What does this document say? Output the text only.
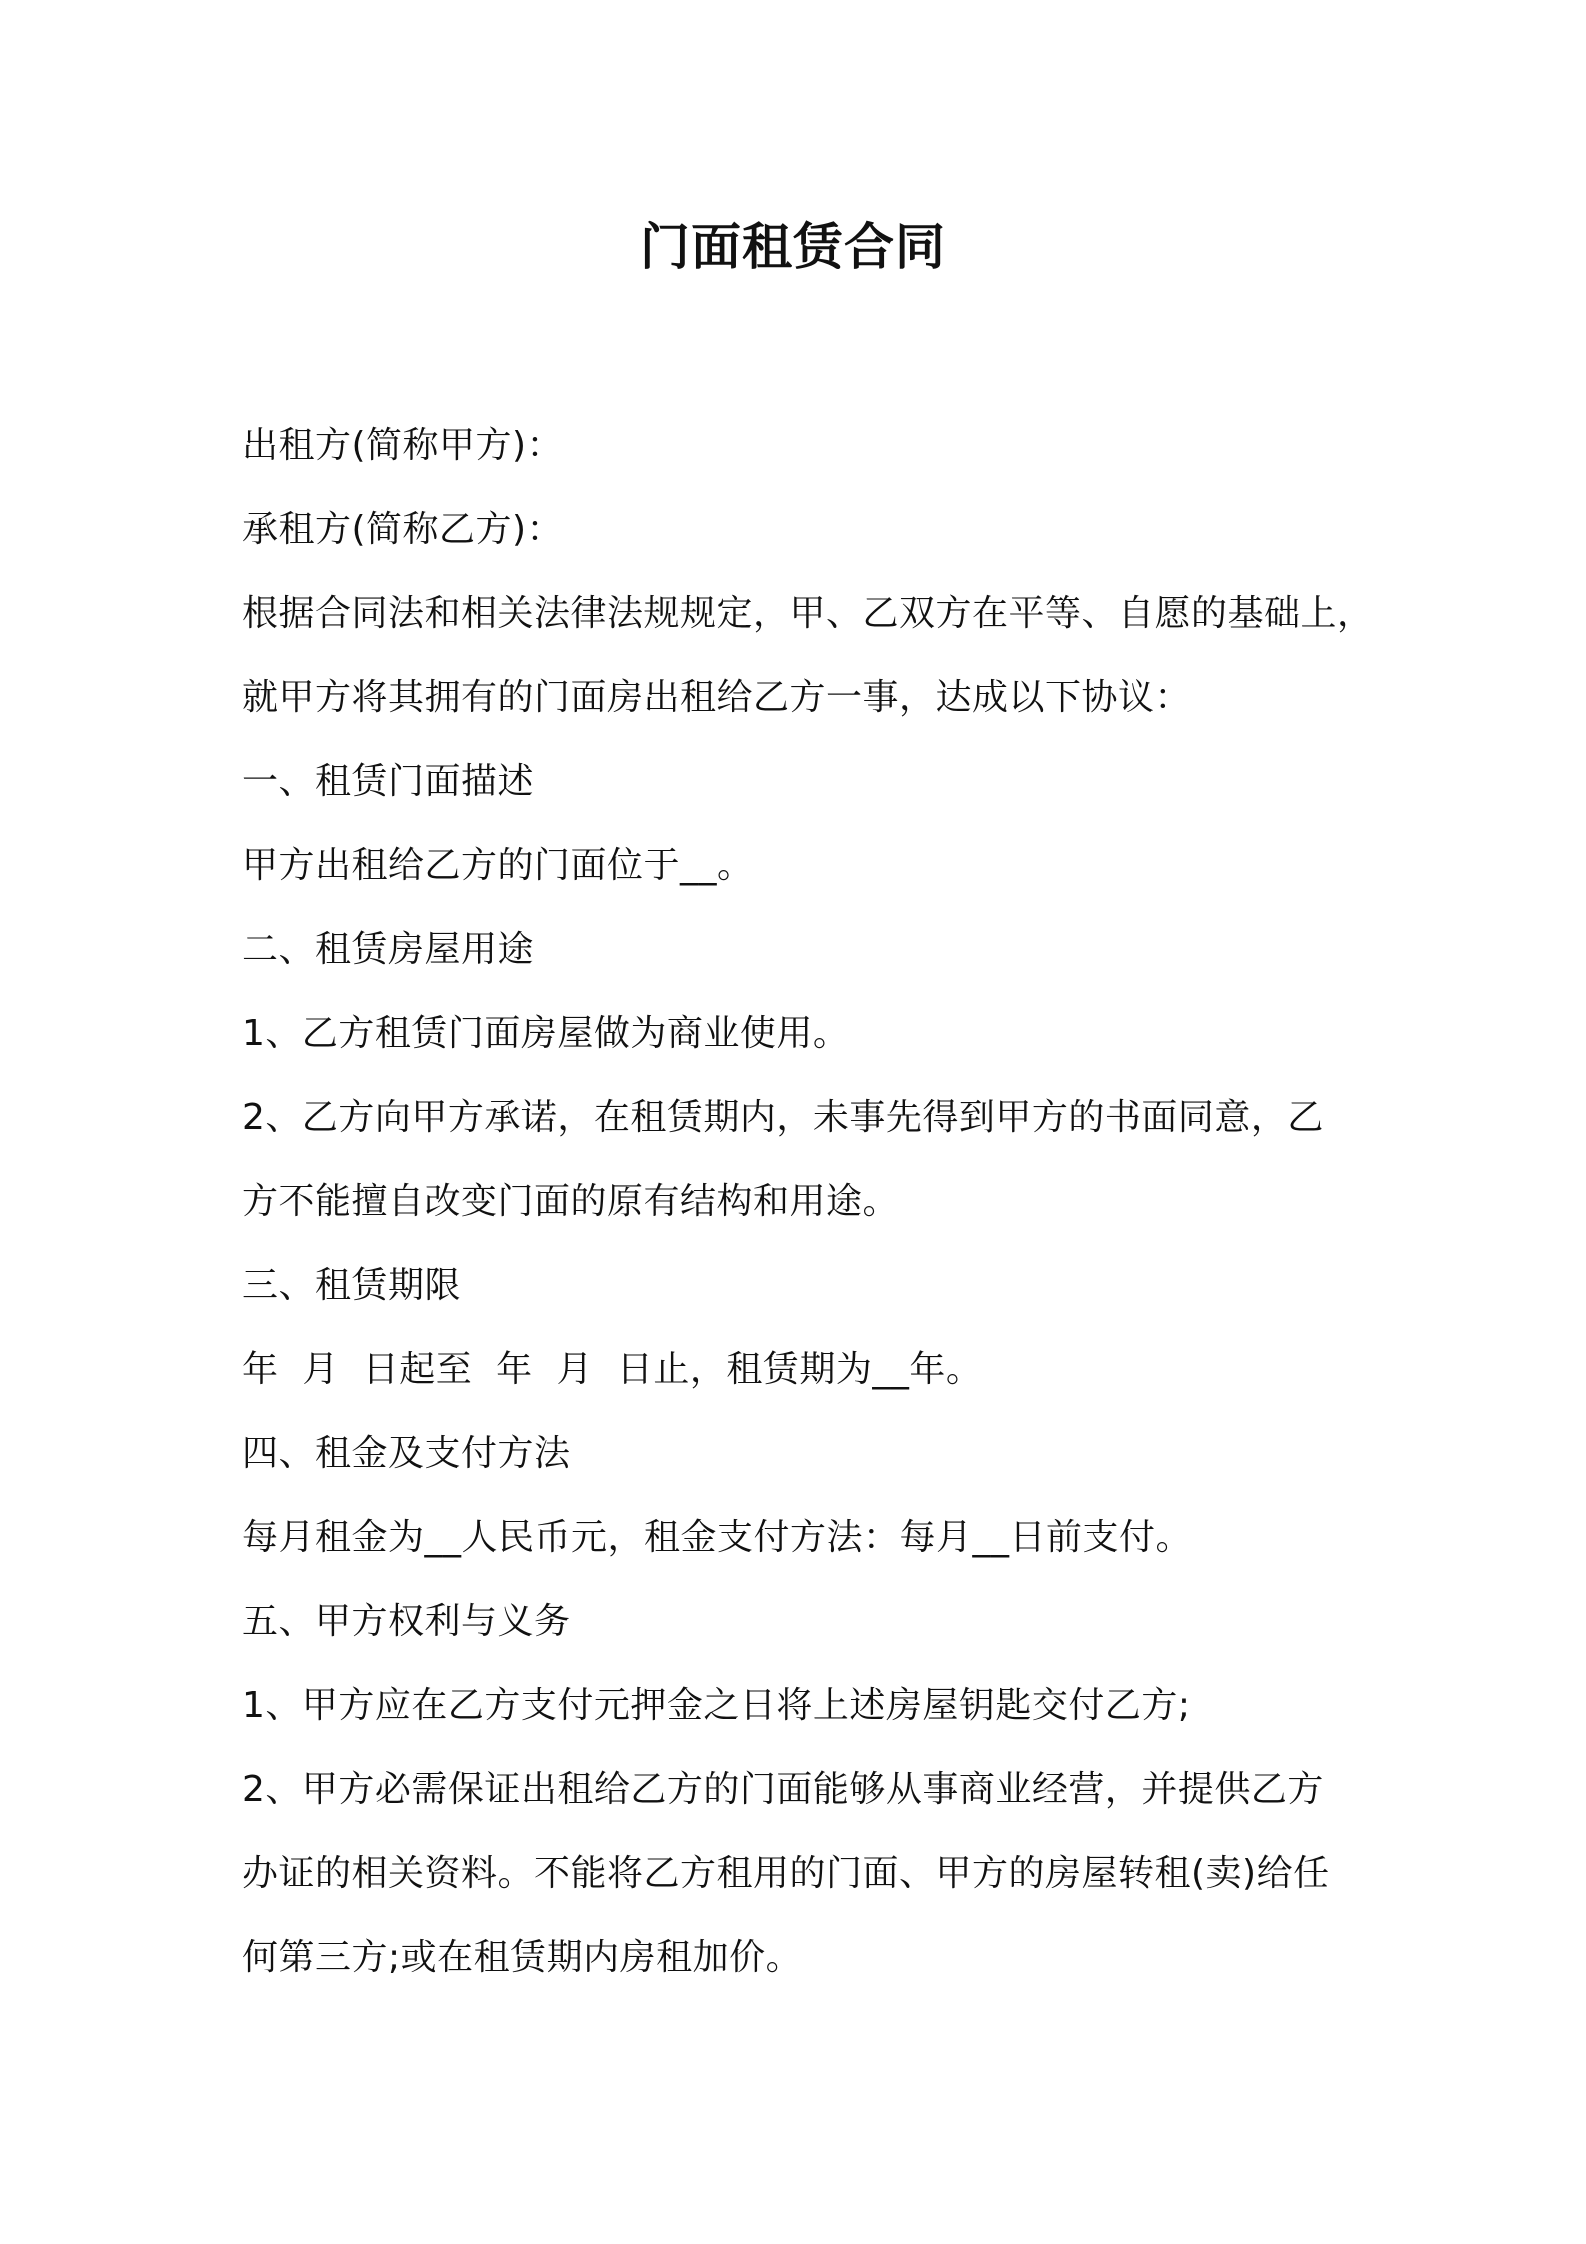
门面租赁合同
出租方(简称甲方)：
承租方(简称乙方)：
根据合同法和相关法律法规规定，甲、乙双方在平等、自愿的基础上，
就甲方将其拥有的门面房出租给乙方一事，达成以下协议：
一、租赁门面描述
甲方出租给乙方的门面位于__。
二、租赁房屋用途
1、乙方租赁门面房屋做为商业使用。
2、乙方向甲方承诺，在租赁期内，未事先得到甲方的书面同意，乙
方不能擅自改变门面的原有结构和用途。
三、租赁期限
年  月  日起至  年  月  日止，租赁期为__年。
四、租金及支付方法
每月租金为__人民币元，租金支付方法：每月__日前支付。
五、甲方权利与义务
1、甲方应在乙方支付元押金之日将上述房屋钥匙交付乙方;
2、甲方必需保证出租给乙方的门面能够从事商业经营，并提供乙方
办证的相关资料。不能将乙方租用的门面、甲方的房屋转租(卖)给任
何第三方;或在租赁期内房租加价。
